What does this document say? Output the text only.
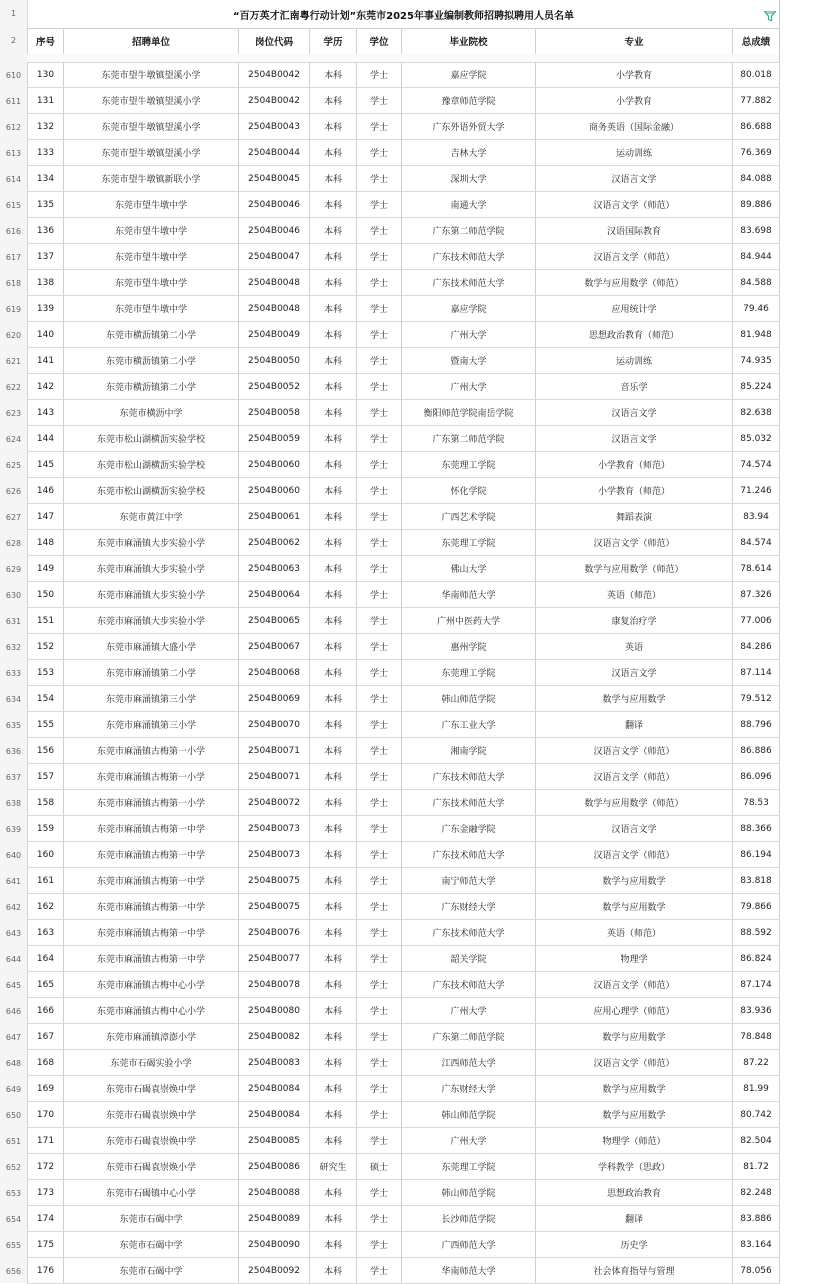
1
2
“百万英才汇南粤行动计划”东莞市2025年事业编制教师招聘拟聘用人员名单
序号	招聘单位	岗位代码	学历	学位	毕业院校	专业	总成绩
610	130	东莞市望牛墩镇望溪小学	2504B0042	本科	学士	嘉应学院	小学教育	80.018
611	131	东莞市望牛墩镇望溪小学	2504B0042	本科	学士	豫章师范学院	小学教育	77.882
612	132	东莞市望牛墩镇望溪小学	2504B0043	本科	学士	广东外语外贸大学	商务英语（国际金融）	86.688
613	133	东莞市望牛墩镇望溪小学	2504B0044	本科	学士	吉林大学	运动训练	76.369
614	134	东莞市望牛墩镇新联小学	2504B0045	本科	学士	深圳大学	汉语言文学	84.088
615	135	东莞市望牛墩中学	2504B0046	本科	学士	南通大学	汉语言文学（师范）	89.886
616	136	东莞市望牛墩中学	2504B0046	本科	学士	广东第二师范学院	汉语国际教育	83.698
617	137	东莞市望牛墩中学	2504B0047	本科	学士	广东技术师范大学	汉语言文学（师范）	84.944
618	138	东莞市望牛墩中学	2504B0048	本科	学士	广东技术师范大学	数学与应用数学（师范）	84.588
619	139	东莞市望牛墩中学	2504B0048	本科	学士	嘉应学院	应用统计学	79.46
620	140	东莞市横沥镇第二小学	2504B0049	本科	学士	广州大学	思想政治教育（师范）	81.948
621	141	东莞市横沥镇第二小学	2504B0050	本科	学士	暨南大学	运动训练	74.935
622	142	东莞市横沥镇第二小学	2504B0052	本科	学士	广州大学	音乐学	85.224
623	143	东莞市横沥中学	2504B0058	本科	学士	衡阳师范学院南岳学院	汉语言文学	82.638
624	144	东莞市松山湖横沥实验学校	2504B0059	本科	学士	广东第二师范学院	汉语言文学	85.032
625	145	东莞市松山湖横沥实验学校	2504B0060	本科	学士	东莞理工学院	小学教育（师范）	74.574
626	146	东莞市松山湖横沥实验学校	2504B0060	本科	学士	怀化学院	小学教育（师范）	71.246
627	147	东莞市黄江中学	2504B0061	本科	学士	广西艺术学院	舞蹈表演	83.94
628	148	东莞市麻涌镇大步实验小学	2504B0062	本科	学士	东莞理工学院	汉语言文学（师范）	84.574
629	149	东莞市麻涌镇大步实验小学	2504B0063	本科	学士	佛山大学	数学与应用数学（师范）	78.614
630	150	东莞市麻涌镇大步实验小学	2504B0064	本科	学士	华南师范大学	英语（师范）	87.326
631	151	东莞市麻涌镇大步实验小学	2504B0065	本科	学士	广州中医药大学	康复治疗学	77.006
632	152	东莞市麻涌镇大盛小学	2504B0067	本科	学士	惠州学院	英语	84.286
633	153	东莞市麻涌镇第二小学	2504B0068	本科	学士	东莞理工学院	汉语言文学	87.114
634	154	东莞市麻涌镇第三小学	2504B0069	本科	学士	韩山师范学院	数学与应用数学	79.512
635	155	东莞市麻涌镇第三小学	2504B0070	本科	学士	广东工业大学	翻译	88.796
636	156	东莞市麻涌镇古梅第一小学	2504B0071	本科	学士	湘南学院	汉语言文学（师范）	86.886
637	157	东莞市麻涌镇古梅第一小学	2504B0071	本科	学士	广东技术师范大学	汉语言文学（师范）	86.096
638	158	东莞市麻涌镇古梅第一小学	2504B0072	本科	学士	广东技术师范大学	数学与应用数学（师范）	78.53
639	159	东莞市麻涌镇古梅第一中学	2504B0073	本科	学士	广东金融学院	汉语言文学	88.366
640	160	东莞市麻涌镇古梅第一中学	2504B0073	本科	学士	广东技术师范大学	汉语言文学（师范）	86.194
641	161	东莞市麻涌镇古梅第一中学	2504B0075	本科	学士	南宁师范大学	数学与应用数学	83.818
642	162	东莞市麻涌镇古梅第一中学	2504B0075	本科	学士	广东财经大学	数学与应用数学	79.866
643	163	东莞市麻涌镇古梅第一中学	2504B0076	本科	学士	广东技术师范大学	英语（师范）	88.592
644	164	东莞市麻涌镇古梅第一中学	2504B0077	本科	学士	韶关学院	物理学	86.824
645	165	东莞市麻涌镇古梅中心小学	2504B0078	本科	学士	广东技术师范大学	汉语言文学（师范）	87.174
646	166	东莞市麻涌镇古梅中心小学	2504B0080	本科	学士	广州大学	应用心理学（师范）	83.936
647	167	东莞市麻涌镇漳澎小学	2504B0082	本科	学士	广东第二师范学院	数学与应用数学	78.848
648	168	东莞市石碣实验小学	2504B0083	本科	学士	江西师范大学	汉语言文学（师范）	87.22
649	169	东莞市石碣袁崇焕中学	2504B0084	本科	学士	广东财经大学	数学与应用数学	81.99
650	170	东莞市石碣袁崇焕中学	2504B0084	本科	学士	韩山师范学院	数学与应用数学	80.742
651	171	东莞市石碣袁崇焕中学	2504B0085	本科	学士	广州大学	物理学（师范）	82.504
652	172	东莞市石碣袁崇焕小学	2504B0086	研究生	硕士	东莞理工学院	学科教学（思政）	81.72
653	173	东莞市石碣镇中心小学	2504B0088	本科	学士	韩山师范学院	思想政治教育	82.248
654	174	东莞市石碣中学	2504B0089	本科	学士	长沙师范学院	翻译	83.886
655	175	东莞市石碣中学	2504B0090	本科	学士	广西师范大学	历史学	83.164
656	176	东莞市石碣中学	2504B0092	本科	学士	华南师范大学	社会体育指导与管理	78.056
